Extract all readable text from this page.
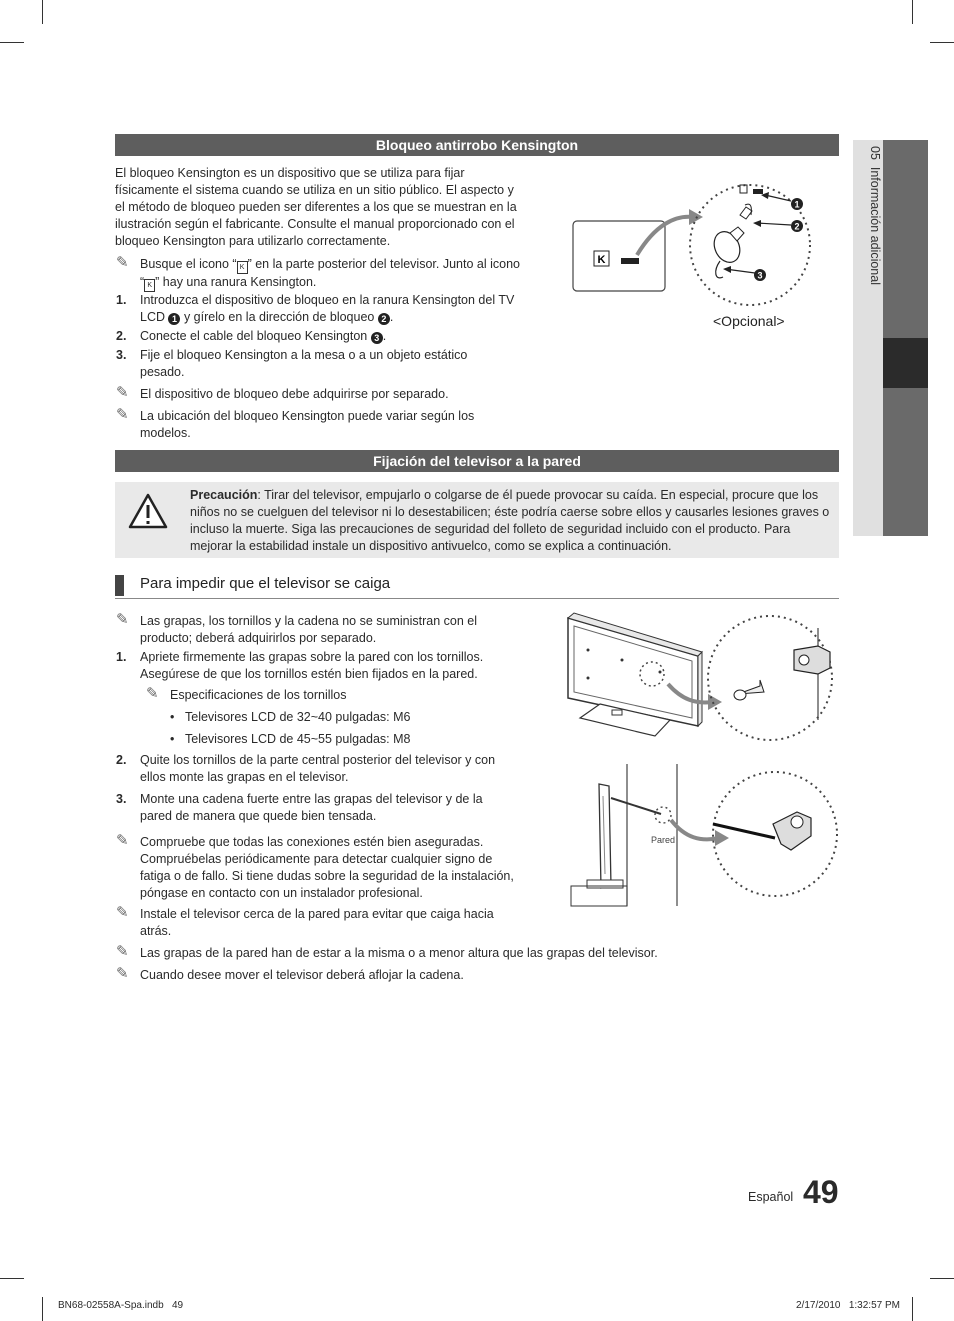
05  Información adicional
Bloqueo antirrobo Kensington
El bloqueo Kensington es un dispositivo que se utiliza para fijar físicamente el sistema cuando se utiliza en un sitio público. El aspecto y el método de bloqueo pueden ser diferentes a los que se muestran en la ilustración según el fabricante. Consulte el manual proporcionado con el bloqueo Kensington para utilizarlo correctamente.
✎ Busque el icono “ K ” en la parte posterior del televisor. Junto al icono “ K ” hay una ranura Kensington.
1. Introduzca el dispositivo de bloqueo en la ranura Kensington del TV LCD 1 y gírelo en la dirección de bloqueo 2 .
2. Conecte el cable del bloqueo Kensington 3 .
3. Fije el bloqueo Kensington a la mesa o a un objeto estático pesado.
✎ El dispositivo de bloqueo debe adquirirse por separado.
✎ La ubicación del bloqueo Kensington puede variar según los modelos.
K
1
2
3
<Opcional>
Fijación del televisor a la pared
Precaución: Tirar del televisor, empujarlo o colgarse de él puede provocar su caída. En especial, procure que los niños no se cuelguen del televisor ni lo desestabilicen; éste podría caerse sobre ellos y causarles lesiones graves o incluso la muerte. Siga las precauciones de seguridad del folleto de seguridad incluido con el producto. Para mejorar la estabilidad instale un dispositivo antivuelco, como se explica a continuación.
Para impedir que el televisor se caiga
✎ Las grapas, los tornillos y la cadena no se suministran con el producto; deberá adquirirlos por separado.
1. Apriete firmemente las grapas sobre la pared con los tornillos. Asegúrese de que los tornillos estén bien fijados en la pared.
✎ Especificaciones de los tornillos
• Televisores LCD de 32~40 pulgadas: M6
• Televisores LCD de 45~55 pulgadas: M8
2. Quite los tornillos de la parte central posterior del televisor y con ellos monte las grapas en el televisor.
3. Monte una cadena fuerte entre las grapas del televisor y de la pared de manera que quede bien tensada.
✎ Compruebe que todas las conexiones estén bien aseguradas. Compruébelas periódicamente para detectar cualquier signo de fatiga o de fallo. Si tiene dudas sobre la seguridad de la instalación, póngase en contacto con un instalador profesional.
✎ Instale el televisor cerca de la pared para evitar que caiga hacia atrás.
✎ Las grapas de la pared han de estar a la misma o a menor altura que las grapas del televisor.
✎ Cuando desee mover el televisor deberá aflojar la cadena.
Pared
Español 49
BN68-02558A-Spa.indb   49	2/17/2010   1:32:57 PM
